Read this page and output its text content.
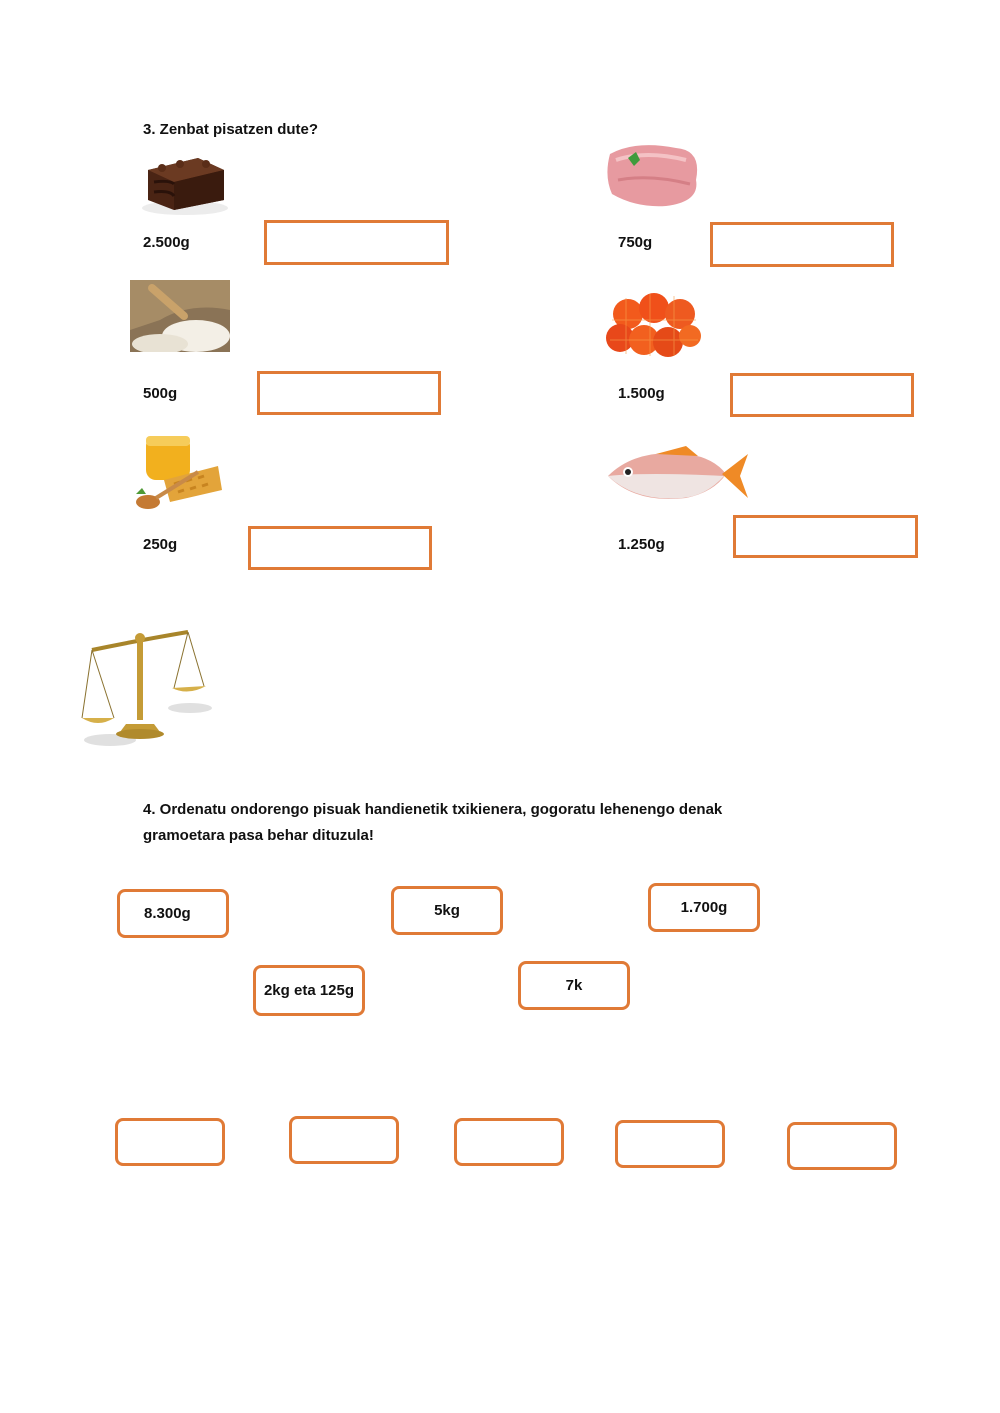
3. Zenbat pisatzen dute?
2.500g	750g
500g	1.500g
250g	1.250g
4. Ordenatu ondorengo pisuak handienetik txikienera, gogoratu lehenengo denak
gramoetara pasa behar dituzula!
8.300g	5kg	1.700g
2kg eta 125g	7k
